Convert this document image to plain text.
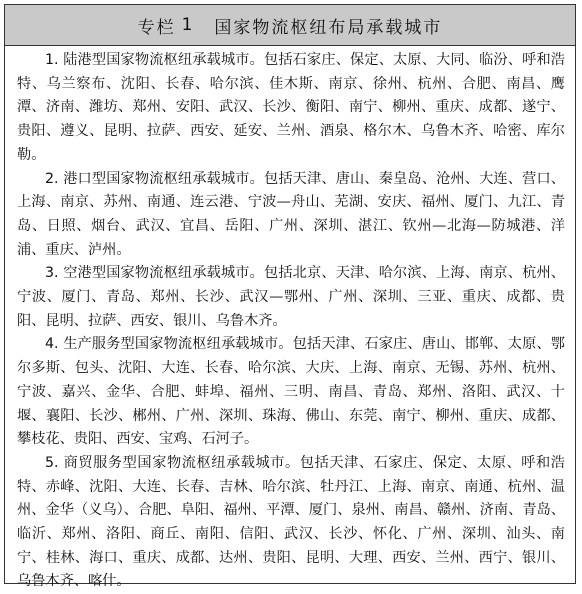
专栏 1 国家物流枢纽布局承载城市

1. 陆港型国家物流枢纽承载城市。包括石家庄、保定、太原、大同、临汾、呼和浩特、乌兰察布、沈阳、长春、哈尔滨、佳木斯、南京、徐州、杭州、合肥、南昌、鹰潭、济南、潍坊、郑州、安阳、武汉、长沙、衡阳、南宁、柳州、重庆、成都、遂宁、贵阳、遵义、昆明、拉萨、西安、延安、兰州、酒泉、格尔木、乌鲁木齐、哈密、库尔勒。

2. 港口型国家物流枢纽承载城市。包括天津、唐山、秦皇岛、沧州、大连、营口、上海、南京、苏州、南通、连云港、宁波—舟山、芜湖、安庆、福州、厦门、九江、青岛、日照、烟台、武汉、宜昌、岳阳、广州、深圳、湛江、钦州—北海—防城港、洋浦、重庆、泸州。

3. 空港型国家物流枢纽承载城市。包括北京、天津、哈尔滨、上海、南京、杭州、宁波、厦门、青岛、郑州、长沙、武汉—鄂州、广州、深圳、三亚、重庆、成都、贵阳、昆明、拉萨、西安、银川、乌鲁木齐。

4. 生产服务型国家物流枢纽承载城市。包括天津、石家庄、唐山、邯郸、太原、鄂尔多斯、包头、沈阳、大连、长春、哈尔滨、大庆、上海、南京、无锡、苏州、杭州、宁波、嘉兴、金华、合肥、蚌埠、福州、三明、南昌、青岛、郑州、洛阳、武汉、十堰、襄阳、长沙、郴州、广州、深圳、珠海、佛山、东莞、南宁、柳州、重庆、成都、攀枝花、贵阳、西安、宝鸡、石河子。

5. 商贸服务型国家物流枢纽承载城市。包括天津、石家庄、保定、太原、呼和浩特、赤峰、沈阳、大连、长春、吉林、哈尔滨、牡丹江、上海、南京、南通、杭州、温州、金华（义乌）、合肥、阜阳、福州、平潭、厦门、泉州、南昌、赣州、济南、青岛、临沂、郑州、洛阳、商丘、南阳、信阳、武汉、长沙、怀化、广州、深圳、汕头、南宁、桂林、海口、重庆、成都、达州、贵阳、昆明、大理、西安、兰州、西宁、银川、乌鲁木齐、喀什。
